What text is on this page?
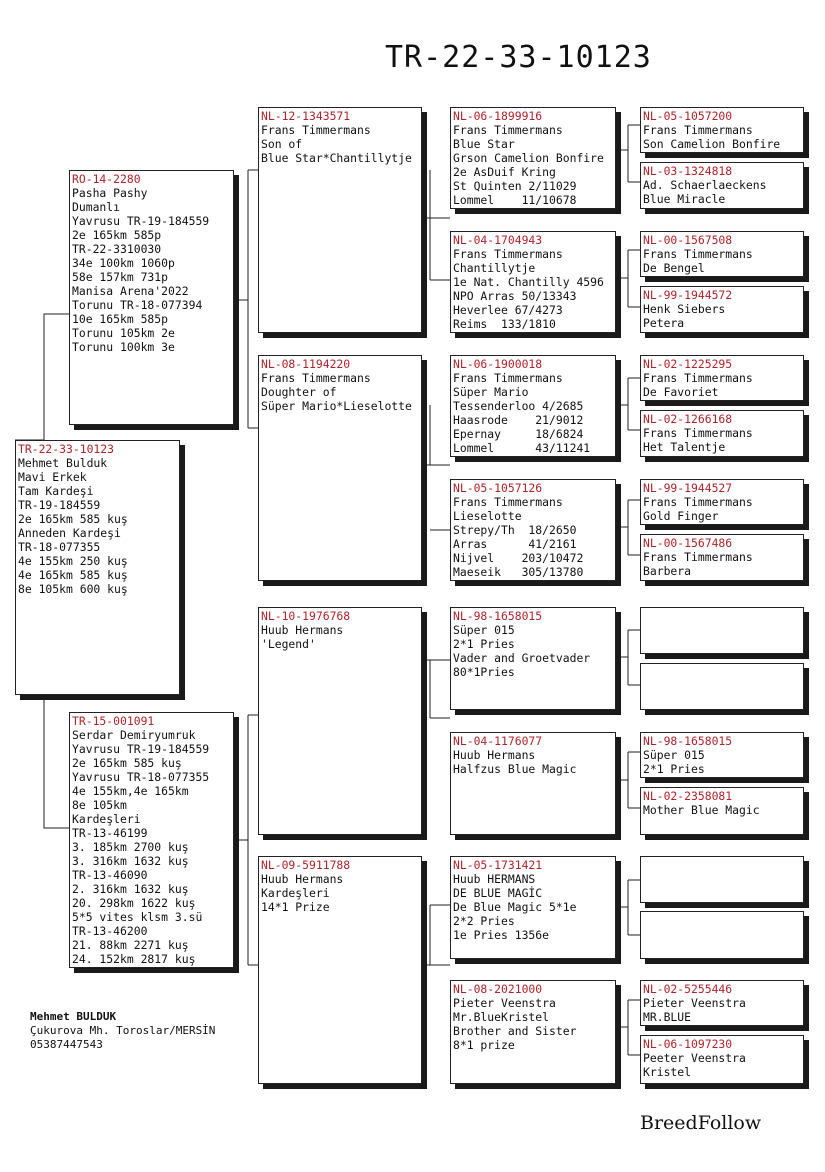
TR-22-33-10123
TR-22-33-10123
Mehmet Bulduk
Mavi Erkek
Tam Kardeşi
TR-19-184559
2e 165km 585 kuş
Anneden Kardeşi
TR-18-077355
4e 155km 250 kuş
4e 165km 585 kuş
8e 105km 600 kuş
RO-14-2280
Pasha Pashy
Dumanlı
Yavrusu TR-19-184559
2e 165km 585p
TR-22-3310030
34e 100km 1060p
58e 157km 731p
Manisa Arena'2022
Torunu TR-18-077394
10e 165km 585p
Torunu 105km 2e
Torunu 100km 3e
TR-15-001091
Serdar Demiryumruk
Yavrusu TR-19-184559
2e 165km 585 kuş
Yavrusu TR-18-077355
4e 155km,4e 165km
8e 105km
Kardeşleri
TR-13-46199
3. 185km 2700 kuş
3. 316km 1632 kuş
TR-13-46090
2. 316km 1632 kuş
20. 298km 1622 kuş
5*5 vites klsm 3.sü
TR-13-46200
21. 88km 2271 kuş
24. 152km 2817 kuş
NL-12-1343571
Frans Timmermans
Son of
Blue Star*Chantillytje
NL-08-1194220
Frans Timmermans
Doughter of
Süper Mario*Lieselotte
NL-10-1976768
Huub Hermans
'Legend'
NL-09-5911788
Huub Hermans
Kardeşleri
14*1 Prize
NL-06-1899916
Frans Timmermans
Blue Star
Grson Camelion Bonfire
2e AsDuif Kring
St Quinten 2/11029
Lommel    11/10678
NL-04-1704943
Frans Timmermans
Chantillytje
1e Nat. Chantilly 4596
NPO Arras 50/13343
Heverlee 67/4273
Reims  133/1810
NL-06-1900018
Frans Timmermans
Süper Mario
Tessenderloo 4/2685
Haasrode    21/9012
Epernay     18/6824
Lommel      43/11241
NL-05-1057126
Frans Timmermans
Lieselotte
Strepy/Th  18/2650
Arras      41/2161
Nijvel    203/10472
Maeseik   305/13780
NL-98-1658015
Süper 015
2*1 Pries
Vader and Groetvader
80*1Pries
NL-04-1176077
Huub Hermans
Halfzus Blue Magic
NL-05-1731421
Huub HERMANS
DE BLUE MAGİC
De Blue Magic 5*1e
2*2 Pries
1e Pries 1356e
NL-08-2021000
Pieter Veenstra
Mr.BlueKristel
Brother and Sister
8*1 prize
NL-05-1057200
Frans Timmermans
Son Camelion Bonfire
NL-03-1324818
Ad. Schaerlaeckens
Blue Miracle
NL-00-1567508
Frans Timmermans
De Bengel
NL-99-1944572
Henk Siebers
Petera
NL-02-1225295
Frans Timmermans
De Favoriet
NL-02-1266168
Frans Timmermans
Het Talentje
NL-99-1944527
Frans Timmermans
Gold Finger
NL-00-1567486
Frans Timmermans
Barbera
NL-98-1658015
Süper 015
2*1 Pries
NL-02-2358081
Mother Blue Magic
NL-02-5255446
Pieter Veenstra
MR.BLUE
NL-06-1097230
Peeter Veenstra
Kristel
Mehmet BULDUK
Çukurova Mh. Toroslar/MERSİN
05387447543
BreedFollow
